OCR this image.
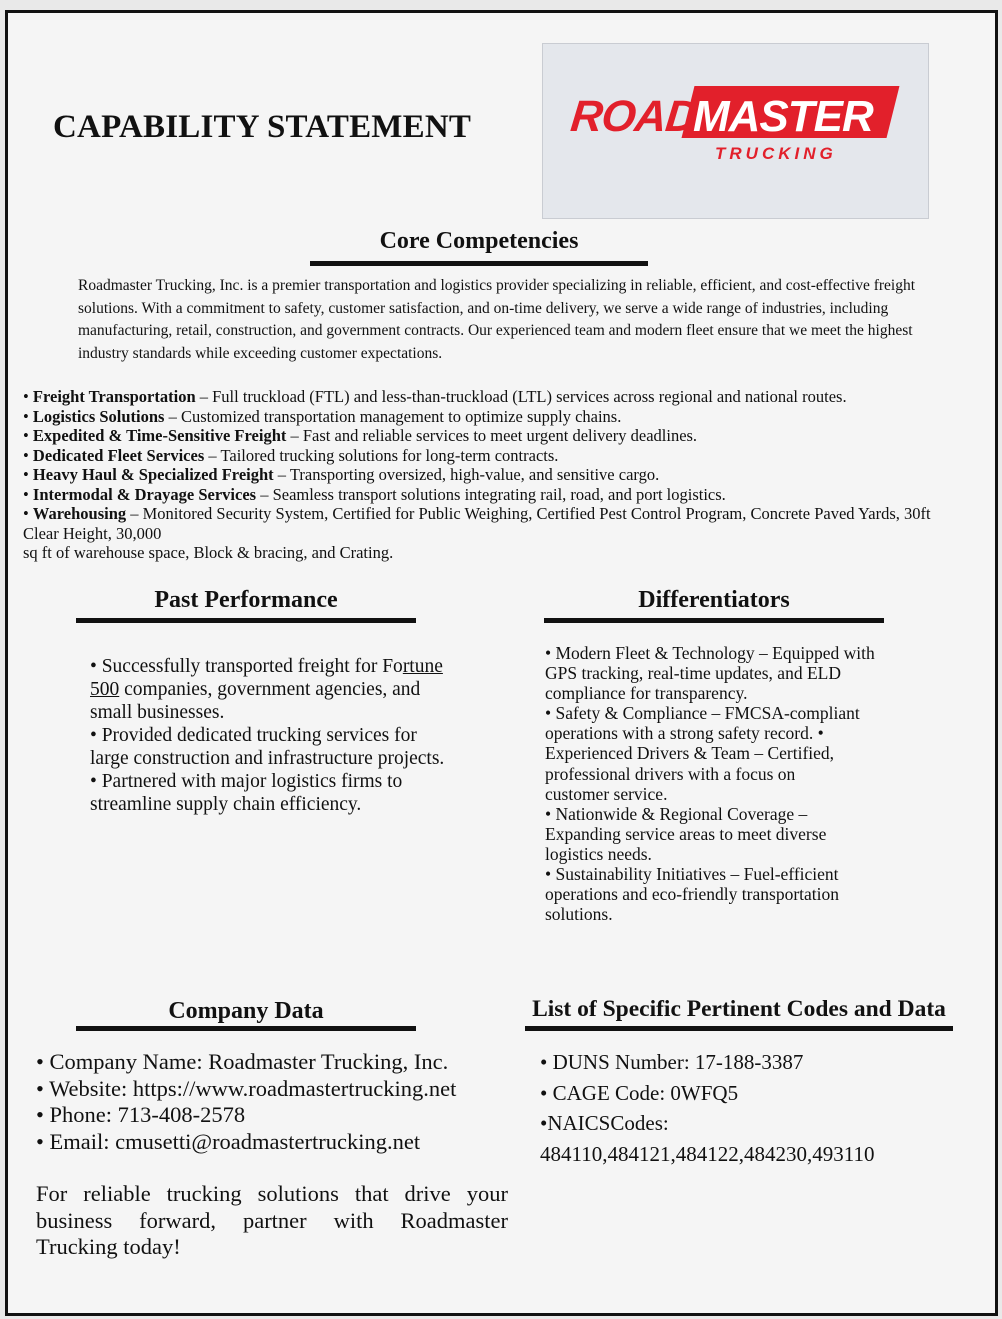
CAPABILITY STATEMENT ROAD
MASTER
TRUCKING
Core Competencies
Roadmaster Trucking, Inc. is a premier transportation and logistics provider specializing in reliable, efficient, and cost-effective freight solutions. With a commitment to safety, customer satisfaction, and on-time delivery, we serve a wide range of industries, including manufacturing, retail, construction, and government contracts. Our experienced team and modern fleet ensure that we meet the highest industry standards while exceeding customer expectations.
• Freight Transportation – Full truckload (FTL) and less-than-truckload (LTL) services across regional and national routes.
• Logistics Solutions – Customized transportation management to optimize supply chains.
• Expedited & Time-Sensitive Freight – Fast and reliable services to meet urgent delivery deadlines.
• Dedicated Fleet Services – Tailored trucking solutions for long-term contracts.
• Heavy Haul & Specialized Freight – Transporting oversized, high-value, and sensitive cargo.
• Intermodal & Drayage Services – Seamless transport solutions integrating rail, road, and port logistics.
• Warehousing – Monitored Security System, Certified for Public Weighing, Certified Pest Control Program, Concrete Paved Yards, 30ft Clear Height, 30,000
sq ft of warehouse space, Block & bracing, and Crating.
Past Performance
• Successfully transported freight for Fortune 500 companies, government agencies, and small businesses.
• Provided dedicated trucking services for large construction and infrastructure projects.
• Partnered with major logistics firms to streamline supply chain efficiency.
Differentiators
• Modern Fleet & Technology – Equipped with GPS tracking, real-time updates, and ELD compliance for transparency.
• Safety & Compliance – FMCSA-compliant operations with a strong safety record. • Experienced Drivers & Team – Certified, professional drivers with a focus on
customer service.
• Nationwide & Regional Coverage – Expanding service areas to meet diverse logistics needs.
• Sustainability Initiatives – Fuel-efficient operations and eco-friendly transportation solutions.
Company Data
• Company Name: Roadmaster Trucking, Inc.
• Website: https://www.roadmastertrucking.net
• Phone: 713-408-2578
• Email: cmusetti@roadmastertrucking.net
For reliable trucking solutions that drive your business forward, partner with Roadmaster Trucking today!
List of Specific Pertinent Codes and Data
• DUNS Number: 17-188-3387
• CAGE Code: 0WFQ5
•NAICSCodes:
484110,484121,484122,484230,493110
